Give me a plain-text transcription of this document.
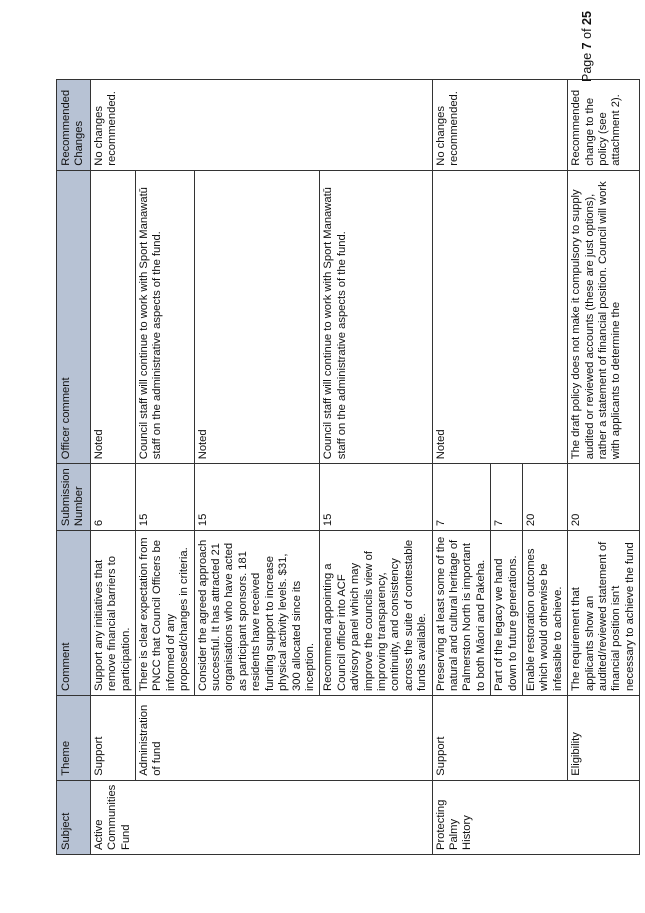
Subject	Theme	Comment	Submission Number	Officer comment	Recommended Changes
Active Communities Fund	Support	Support any initiatives that remove financial barriers to participation.	6	Noted	No changes recommended.
	Administration of fund	There is clear expectation from PNCC that Council Officers be informed of any proposed/changes in criteria.	15	Council staff will continue to work with Sport Manawatū staff on the administrative aspects of the fund.	
		Consider the agreed approach successful. It has attracted 21 organisations who have acted as participant sponsors. 181 residents have received funding support to increase physical activity levels. $31, 300 allocated since its inception.	15	Noted	
		Recommend appointing a Council officer into ACF advisory panel which may improve the councils view of improving transparency, continuity, and consistency across the suite of contestable funds available.	15	Council staff will continue to work with Sport Manawatū staff on the administrative aspects of the fund.	
Protecting Palmy History	Support	Preserving at least some of the natural and cultural heritage of Palmerston North is important to both Māori and Pakeha.	7	Noted	No changes recommended.
		Part of the legacy we hand down to future generations.	7		
		Enable restoration outcomes which would otherwise be infeasible to achieve.	20		
	Eligibility	The requirement that applicants show an audited/reviewed statement of financial position isn't necessary to achieve the fund	20	The draft policy does not make it compulsory to supply audited or reviewed accounts (these are just options), rather a statement of financial position. Council will work with applicants to determine the	Recommended change to the policy (see attachment 2).
Page 7 of 25
